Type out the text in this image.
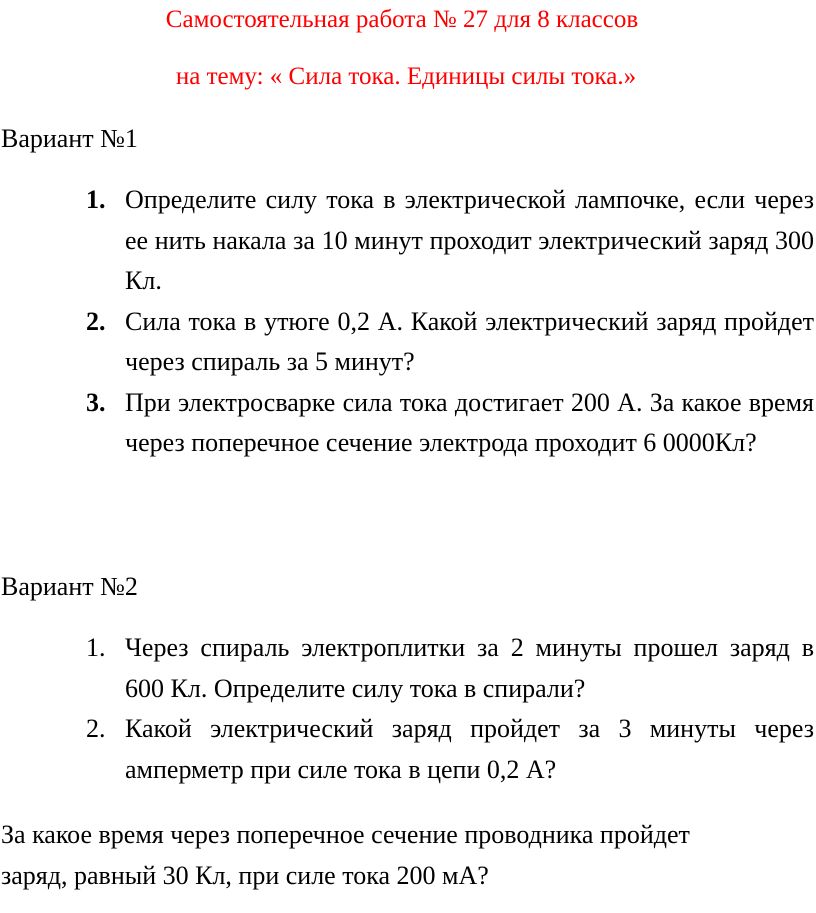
Самостоятельная работа № 27 для 8 классов
на тему: « Сила тока. Единицы силы тока.»
Вариант №1
1. Определите силу тока в электрической лампочке, если через ее нить накала за 10 минут проходит электрический заряд 300 Кл.
2. Сила тока в утюге 0,2 А. Какой электрический заряд пройдет через спираль за 5 минут?
3. При электросварке сила тока достигает 200 А. За какое время через поперечное сечение электрода проходит 6 0000Кл?
Вариант №2
1. Через спираль электроплитки за 2 минуты прошел заряд в 600 Кл. Определите силу тока в спирали?
2. Какой электрический заряд пройдет за 3 минуты через амперметр при силе тока в цепи 0,2 А?
За какое время через поперечное сечение проводника пройдет заряд, равный 30 Кл, при силе тока 200 мА?
